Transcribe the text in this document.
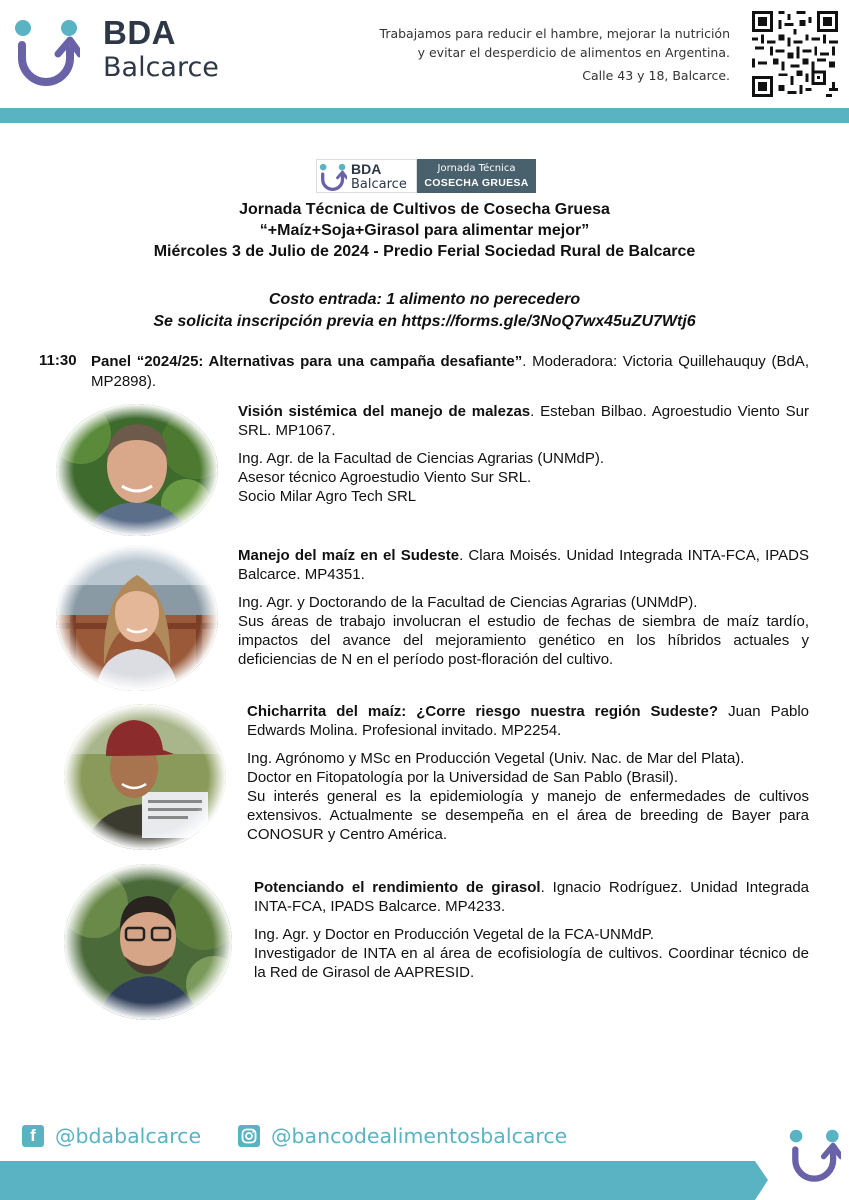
BDA
Balcarce
Trabajamos para reducir el hambre, mejorar la nutrición
y evitar el desperdicio de alimentos en Argentina.
Calle 43 y 18, Balcarce.
BDA
Balcarce
Jornada Técnica
COSECHA GRUESA
Jornada Técnica de Cultivos de Cosecha Gruesa
“+Maíz+Soja+Girasol para alimentar mejor”
Miércoles 3 de Julio de 2024 - Predio Ferial Sociedad Rural de Balcarce
Costo entrada: 1 alimento no perecedero
Se solicita inscripción previa en https://forms.gle/3NoQ7wx45uZU7Wtj6
11:30 Panel “2024/25: Alternativas para una campaña desafiante”. Moderadora: Victoria Quillehauquy (BdA, MP2898).
Visión sistémica del manejo de malezas. Esteban Bilbao. Agroestudio Viento Sur SRL. MP1067.
Ing. Agr. de la Facultad de Ciencias Agrarias (UNMdP).
Asesor técnico Agroestudio Viento Sur SRL.
Socio Milar Agro Tech SRL
Manejo del maíz en el Sudeste. Clara Moisés. Unidad Integrada INTA-FCA, IPADS Balcarce. MP4351.
Ing. Agr. y Doctorando de la Facultad de Ciencias Agrarias (UNMdP).
Sus áreas de trabajo involucran el estudio de fechas de siembra de maíz tardío, impactos del avance del mejoramiento genético en los híbridos actuales y deficiencias de N en el período post-floración del cultivo.
Chicharrita del maíz: ¿Corre riesgo nuestra región Sudeste? Juan Pablo Edwards Molina. Profesional invitado. MP2254.
Ing. Agrónomo y MSc en Producción Vegetal (Univ. Nac. de Mar del Plata).
Doctor en Fitopatología por la Universidad de San Pablo (Brasil).
Su interés general es la epidemiología y manejo de enfermedades de cultivos extensivos. Actualmente se desempeña en el área de breeding de Bayer para CONOSUR y Centro América.
Potenciando el rendimiento de girasol. Ignacio Rodríguez. Unidad Integrada INTA-FCA, IPADS Balcarce. MP4233.
Ing. Agr. y Doctor en Producción Vegetal de la FCA-UNMdP.
Investigador de INTA en al área de ecofisiología de cultivos. Coordinar técnico de la Red de Girasol de AAPRESID.
f @bdabalcarce	@bancodealimentosbalcarce
